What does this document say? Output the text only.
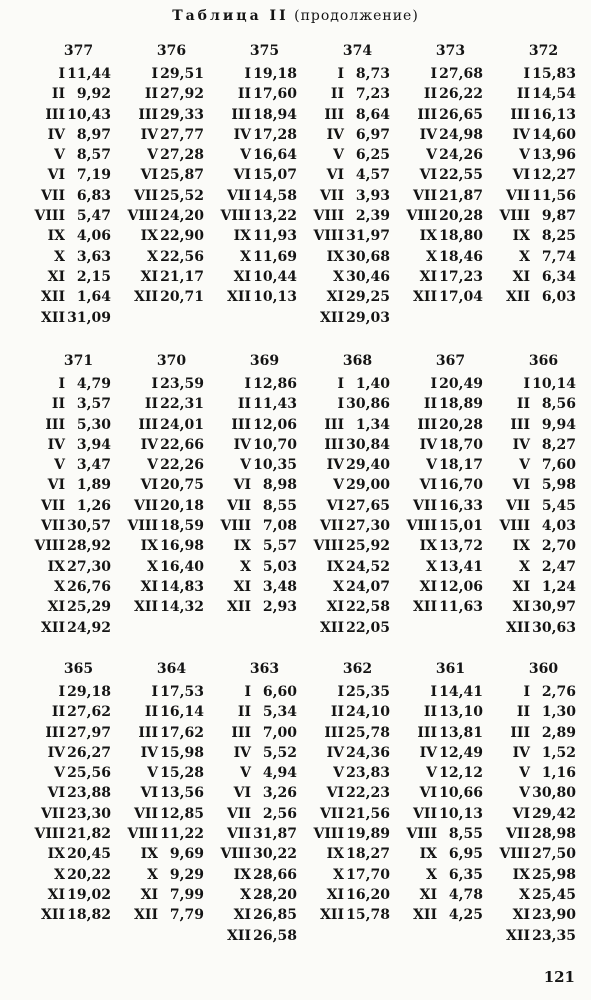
Таблица II (продолжение)
377
I 11,44
II 9,92
III 10,43
IV 8,97
V 8,57
VI 7,19
VII 6,83
VIII 5,47
IX 4,06
X 3,63
XI 2,15
XII 1,64
XII 31,09
376
I 29,51
II 27,92
III 29,33
IV 27,77
V 27,28
VI 25,87
VII 25,52
VIII 24,20
IX 22,90
X 22,56
XI 21,17
XII 20,71
375
I 19,18
II 17,60
III 18,94
IV 17,28
V 16,64
VI 15,07
VII 14,58
VIII 13,22
IX 11,93
X 11,69
XI 10,44
XII 10,13
374
I 8,73
II 7,23
III 8,64
IV 6,97
V 6,25
VI 4,57
VII 3,93
VIII 2,39
VIII 31,97
IX 30,68
X 30,46
XI 29,25
XII 29,03
373
I 27,68
II 26,22
III 26,65
IV 24,98
V 24,26
VI 22,55
VII 21,87
VIII 20,28
IX 18,80
X 18,46
XI 17,23
XII 17,04
372
I 15,83
II 14,54
III 16,13
IV 14,60
V 13,96
VI 12,27
VII 11,56
VIII 9,87
IX 8,25
X 7,74
XI 6,34
XII 6,03
371
I 4,79
II 3,57
III 5,30
IV 3,94
V 3,47
VI 1,89
VII 1,26
VII 30,57
VIII 28,92
IX 27,30
X 26,76
XI 25,29
XII 24,92
370
I 23,59
II 22,31
III 24,01
IV 22,66
V 22,26
VI 20,75
VII 20,18
VIII 18,59
IX 16,98
X 16,40
XI 14,83
XII 14,32
369
I 12,86
II 11,43
III 12,06
IV 10,70
V 10,35
VI 8,98
VII 8,55
VIII 7,08
IX 5,57
X 5,03
XI 3,48
XII 2,93
368
I 1,40
I 30,86
III 1,34
III 30,84
IV 29,40
V 29,00
VI 27,65
VII 27,30
VIII 25,92
IX 24,52
X 24,07
XI 22,58
XII 22,05
367
I 20,49
II 18,89
III 20,28
IV 18,70
V 18,17
VI 16,70
VII 16,33
VIII 15,01
IX 13,72
X 13,41
XI 12,06
XII 11,63
366
I 10,14
II 8,56
III 9,94
IV 8,27
V 7,60
VI 5,98
VII 5,45
VIII 4,03
IX 2,70
X 2,47
XI 1,24
XI 30,97
XII 30,63
365
I 29,18
II 27,62
III 27,97
IV 26,27
V 25,56
VI 23,88
VII 23,30
VIII 21,82
IX 20,45
X 20,22
XI 19,02
XII 18,82
364
I 17,53
II 16,14
III 17,62
IV 15,98
V 15,28
VI 13,56
VII 12,85
VIII 11,22
IX 9,69
X 9,29
XI 7,99
XII 7,79
363
I 6,60
II 5,34
III 7,00
IV 5,52
V 4,94
VI 3,26
VII 2,56
VII 31,87
VIII 30,22
IX 28,66
X 28,20
XI 26,85
XII 26,58
362
I 25,35
II 24,10
III 25,78
IV 24,36
V 23,83
VI 22,23
VII 21,56
VIII 19,89
IX 18,27
X 17,70
XI 16,20
XII 15,78
361
I 14,41
II 13,10
III 13,81
IV 12,49
V 12,12
VI 10,66
VII 10,13
VIII 8,55
IX 6,95
X 6,35
XI 4,78
XII 4,25
360
I 2,76
II 1,30
III 2,89
IV 1,52
V 1,16
V 30,80
VI 29,42
VII 28,98
VIII 27,50
IX 25,98
X 25,45
XI 23,90
XII 23,35
121
